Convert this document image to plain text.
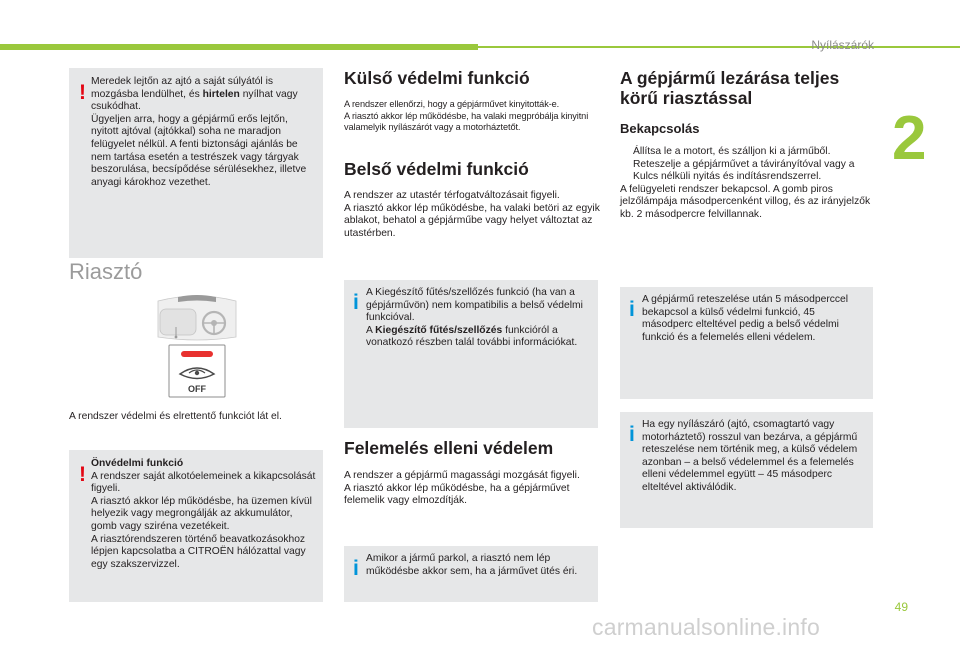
Nyílászárók
2
! Meredek lejtőn az ajtó a saját súlyától is mozgásba lendülhet, és hirtelen nyílhat vagy csukódhat.
Ügyeljen arra, hogy a gépjármű erős lejtőn, nyitott ajtóval (ajtókkal) soha ne maradjon felügyelet nélkül. A fenti biztonsági ajánlás be nem tartása esetén a testrészek vagy tárgyak beszorulása, becsípődése sérülésekhez, illetve anyagi károkhoz vezethet.
Riasztó
OFF
A rendszer védelmi és elrettentő funkciót lát el.
! Önvédelmi funkció
A rendszer saját alkotóelemeinek a kikapcsolását figyeli.
A riasztó akkor lép működésbe, ha üzemen kívül helyezik vagy megrongálják az akkumulátor, gomb vagy sziréna vezetékeit.
A riasztórendszeren történő beavatkozásokhoz lépjen kapcsolatba a CITROËN hálózattal vagy egy szakszervizzel.
Külső védelmi funkció
A rendszer ellenőrzi, hogy a gépjárművet kinyitották-e.
A riasztó akkor lép működésbe, ha valaki megpróbálja kinyitni valamelyik nyílászárót vagy a motorháztetőt.
Belső védelmi funkció
A rendszer az utastér térfogatváltozásait figyeli.
A riasztó akkor lép működésbe, ha valaki betöri az egyik ablakot, behatol a gépjárműbe vagy helyet változtat az utastérben.
i A Kiegészítő fűtés/szellőzés funkció (ha van a gépjárművön) nem kompatibilis a belső védelmi funkcióval.
A Kiegészítő fűtés/szellőzés funkcióról a vonatkozó részben talál további információkat.
Felemelés elleni védelem
A rendszer a gépjármű magassági mozgását figyeli.
A riasztó akkor lép működésbe, ha a gépjárművet felemelik vagy elmozdítják.
i Amikor a jármű parkol, a riasztó nem lép működésbe akkor sem, ha a járművet ütés éri.
A gépjármű lezárása teljes körű riasztással
Bekapcsolás
Állítsa le a motort, és szálljon ki a járműből.
Reteszelje a gépjárművet a távirányítóval vagy a Kulcs nélküli nyitás és indításrendszerrel.
A felügyeleti rendszer bekapcsol. A gomb piros jelzőlámpája másodpercenként villog, és az irányjelzők kb. 2 másodpercre felvillannak.
i A gépjármű reteszelése után 5 másodperccel bekapcsol a külső védelmi funkció, 45 másodperc elteltével pedig a belső védelmi funkció és a felemelés elleni védelem.
i Ha egy nyílászáró (ajtó, csomagtartó vagy motorháztető) rosszul van bezárva, a gépjármű reteszelése nem történik meg, a külső védelem azonban – a belső védelemmel és a felemelés elleni védelemmel együtt – 45 másodperc elteltével aktiválódik.
49
carmanualsonline.info
